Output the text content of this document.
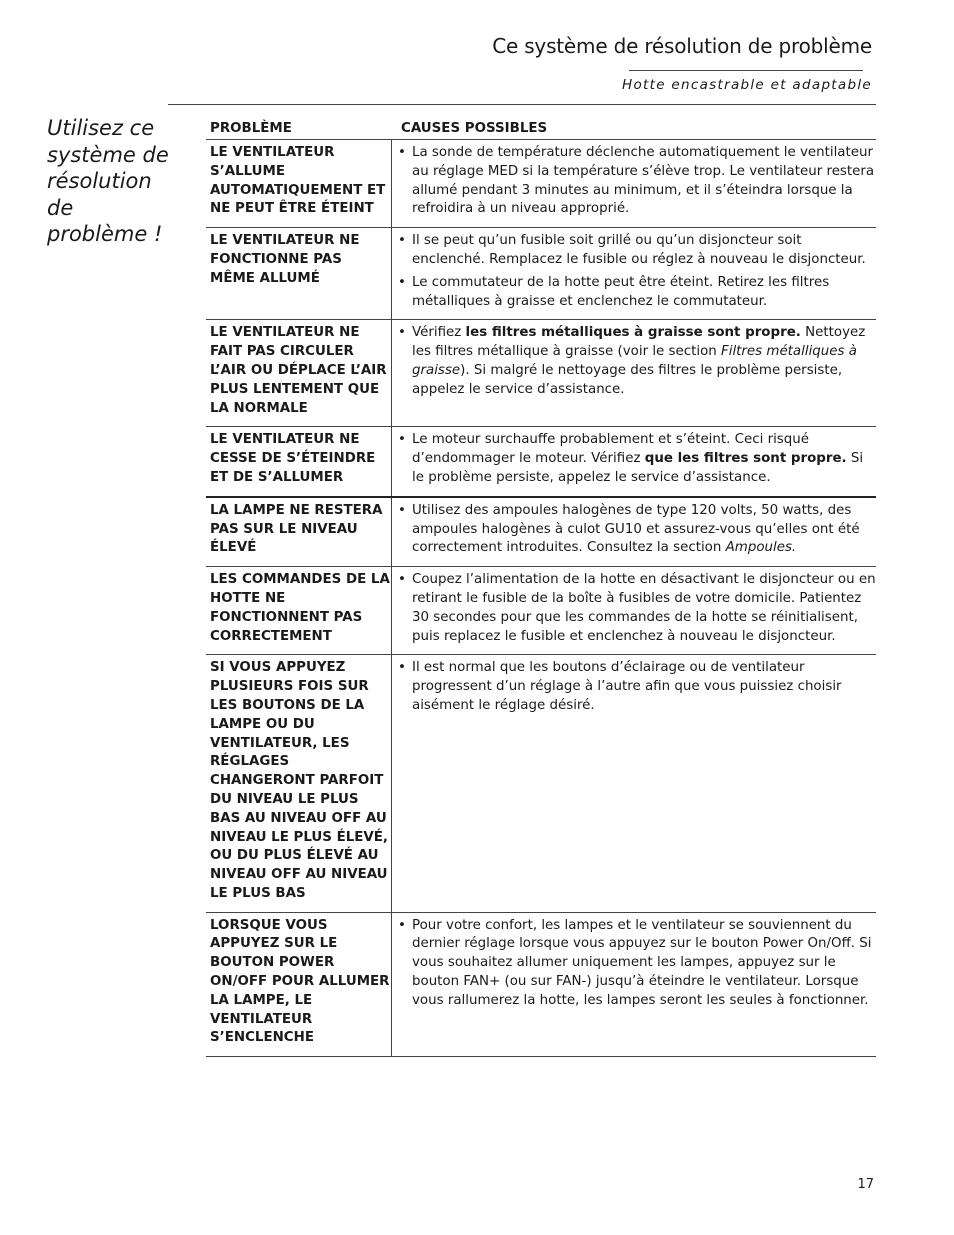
Ce système de résolution de problème
Hotte encastrable et adaptable
Utilisez ce système de résolution de problème !
PROBLÈME	CAUSES POSSIBLES
LE VENTILATEUR S’ALLUME AUTOMATIQUEMENT ET NE PEUT ÊTRE ÉTEINT
• La sonde de température déclenche automatiquement le ventilateur au réglage MED si la température s’élève trop. Le ventilateur restera allumé pendant 3 minutes au minimum, et il s’éteindra lorsque la refroidira à un niveau approprié.
LE VENTILATEUR NE FONCTIONNE PAS MÊME ALLUMÉ
• Il se peut qu’un fusible soit grillé ou qu’un disjoncteur soit enclenché. Remplacez le fusible ou réglez à nouveau le disjoncteur.
• Le commutateur de la hotte peut être éteint. Retirez les filtres métalliques à graisse et enclenchez le commutateur.
LE VENTILATEUR NE FAIT PAS CIRCULER L’AIR OU DÉPLACE L’AIR PLUS LENTEMENT QUE LA NORMALE
• Vérifiez les filtres métalliques à graisse sont propre. Nettoyez les filtres métallique à graisse (voir le section Filtres métalliques à graisse). Si malgré le nettoyage des filtres le problème persiste, appelez le service d’assistance.
LE VENTILATEUR NE CESSE DE S’ÉTEINDRE ET DE S’ALLUMER
• Le moteur surchauffe probablement et s’éteint. Ceci risqué d’endommager le moteur. Vérifiez que les filtres sont propre. Si le problème persiste, appelez le service d’assistance.
LA LAMPE NE RESTERA PAS SUR LE NIVEAU ÉLEVÉ
• Utilisez des ampoules halogènes de type 120 volts, 50 watts, des ampoules halogènes à culot GU10 et assurez-vous qu’elles ont été correctement introduites. Consultez la section Ampoules.
LES COMMANDES DE LA HOTTE NE FONCTIONNENT PAS CORRECTEMENT
• Coupez l’alimentation de la hotte en désactivant le disjoncteur ou en retirant le fusible de la boîte à fusibles de votre domicile. Patientez 30 secondes pour que les commandes de la hotte se réinitialisent, puis replacez le fusible et enclenchez à nouveau le disjoncteur.
SI VOUS APPUYEZ PLUSIEURS FOIS SUR LES BOUTONS DE LA LAMPE OU DU VENTILATEUR, LES RÉGLAGES CHANGERONT PARFOIT DU NIVEAU LE PLUS BAS AU NIVEAU OFF AU NIVEAU LE PLUS ÉLEVÉ, OU DU PLUS ÉLEVÉ AU NIVEAU OFF AU NIVEAU LE PLUS BAS
• Il est normal que les boutons d’éclairage ou de ventilateur progressent d’un réglage à l’autre afin que vous puissiez choisir aisément le réglage désiré.
LORSQUE VOUS APPUYEZ SUR LE BOUTON POWER ON/OFF POUR ALLUMER LA LAMPE, LE VENTILATEUR S’ENCLENCHE
• Pour votre confort, les lampes et le ventilateur se souviennent du dernier réglage lorsque vous appuyez sur le bouton Power On/Off. Si vous souhaitez allumer uniquement les lampes, appuyez sur le bouton FAN+ (ou sur FAN-) jusqu’à éteindre le ventilateur. Lorsque vous rallumerez la hotte, les lampes seront les seules à fonctionner.
17
